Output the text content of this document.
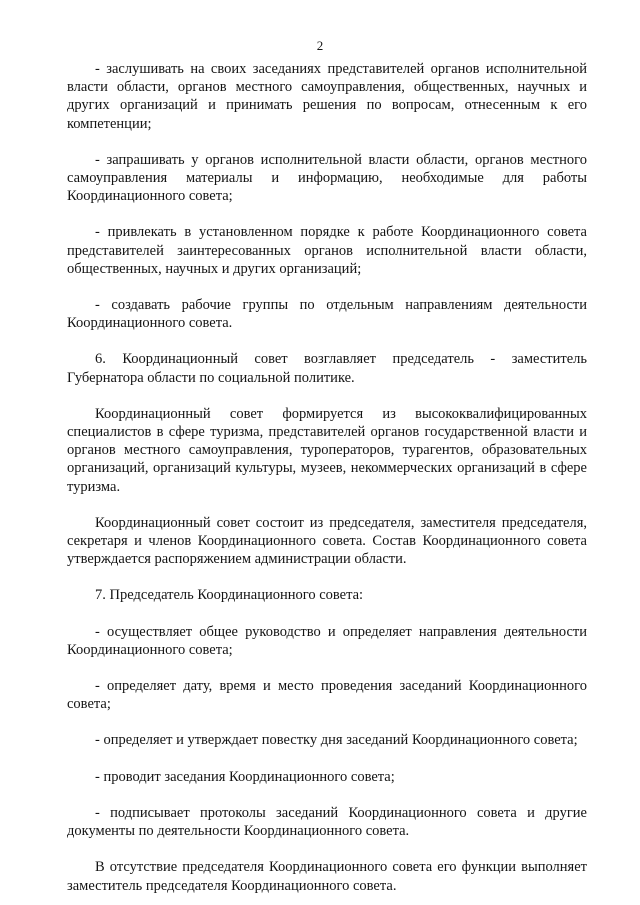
2

- заслушивать на своих заседаниях представителей органов исполнительной власти области, органов местного самоуправления, общественных, научных и других организаций и принимать решения по вопросам, отнесенным к его компетенции;

- запрашивать у органов исполнительной власти области, органов местного самоуправления материалы и информацию, необходимые для работы Координационного совета;

- привлекать в установленном порядке к работе Координационного совета представителей заинтересованных органов исполнительной власти области, общественных, научных и других организаций;

- создавать рабочие группы по отдельным направлениям деятельности Координационного совета.

6. Координационный совет возглавляет председатель - заместитель Губернатора области по социальной политике.

Координационный совет формируется из высококвалифицированных специалистов в сфере туризма, представителей органов государственной власти и органов местного самоуправления, туроператоров, турагентов, образовательных организаций, организаций культуры, музеев, некоммерческих организаций в сфере туризма.

Координационный совет состоит из председателя, заместителя председателя, секретаря и членов Координационного совета. Состав Координационного совета утверждается распоряжением администрации области.

7. Председатель Координационного совета:

- осуществляет общее руководство и определяет направления деятельности Координационного совета;

- определяет дату, время и место проведения заседаний Координационного совета;

- определяет и утверждает повестку дня заседаний Координационного совета;

- проводит заседания Координационного совета;

- подписывает протоколы заседаний Координационного совета и другие документы по деятельности Координационного совета.

В отсутствие председателя Координационного совета его функции выполняет заместитель председателя Координационного совета.
